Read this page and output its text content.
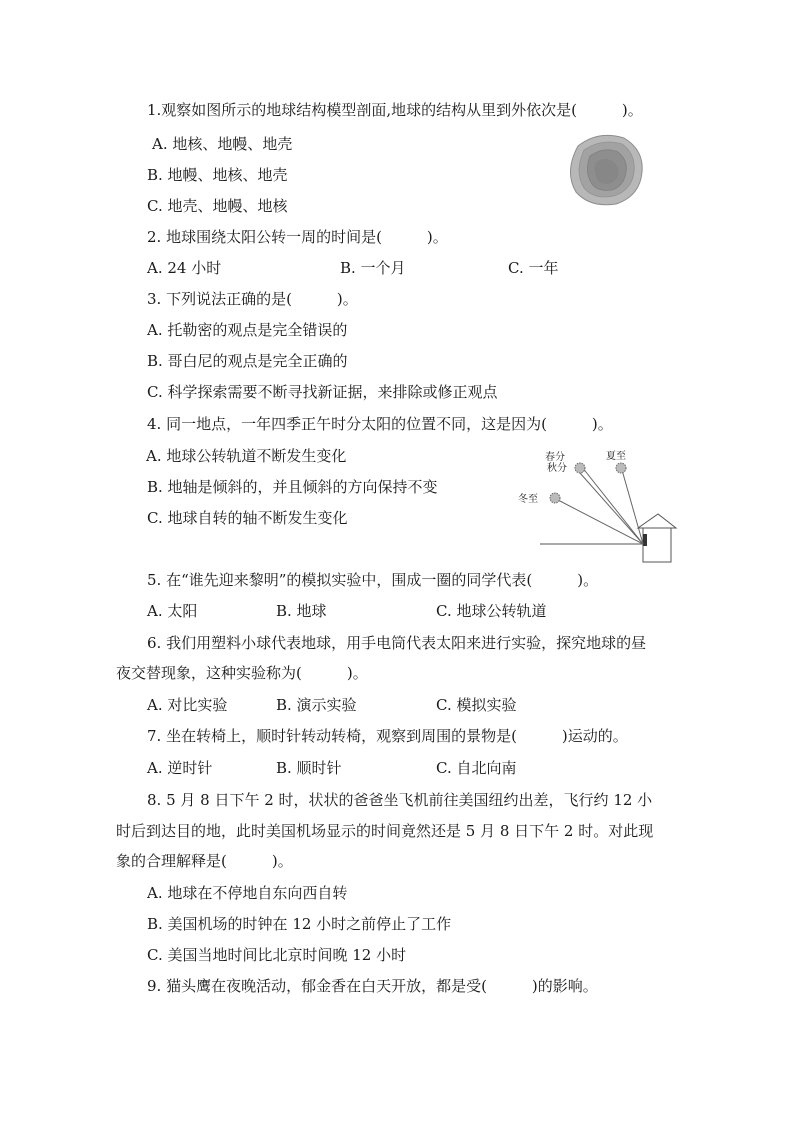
1.观察如图所示的地球结构模型剖面,地球的结构从里到外依次是(　　　)。
A. 地核、地幔、地壳
B. 地幔、地核、地壳
C. 地壳、地幔、地核
2. 地球围绕太阳公转一周的时间是(　　　)。
A. 24 小时	B. 一个月	C. 一年
3. 下列说法正确的是(　　　)。
A. 托勒密的观点是完全错误的
B. 哥白尼的观点是完全正确的
C. 科学探索需要不断寻找新证据，来排除或修正观点
4. 同一地点，一年四季正午时分太阳的位置不同，这是因为(　　　)。
A. 地球公转轨道不断发生变化
B. 地轴是倾斜的，并且倾斜的方向保持不变
C. 地球自转的轴不断发生变化
春分
秋分
夏至
冬至
5. 在“谁先迎来黎明”的模拟实验中，围成一圈的同学代表(　　　)。
A. 太阳	B. 地球	C. 地球公转轨道
6. 我们用塑料小球代表地球，用手电筒代表太阳来进行实验，探究地球的昼
夜交替现象，这种实验称为(　　　)。
A. 对比实验	B. 演示实验	C. 模拟实验
7. 坐在转椅上，顺时针转动转椅，观察到周围的景物是(　　　)运动的。
A. 逆时针	B. 顺时针	C. 自北向南
8. 5 月 8 日下午 2 时，状状的爸爸坐飞机前往美国纽约出差，飞行约 12 小
时后到达目的地，此时美国机场显示的时间竟然还是 5 月 8 日下午 2 时。对此现
象的合理解释是(　　　)。
A. 地球在不停地自东向西自转
B. 美国机场的时钟在 12 小时之前停止了工作
C. 美国当地时间比北京时间晚 12 小时
9. 猫头鹰在夜晚活动，郁金香在白天开放，都是受(　　　)的影响。
